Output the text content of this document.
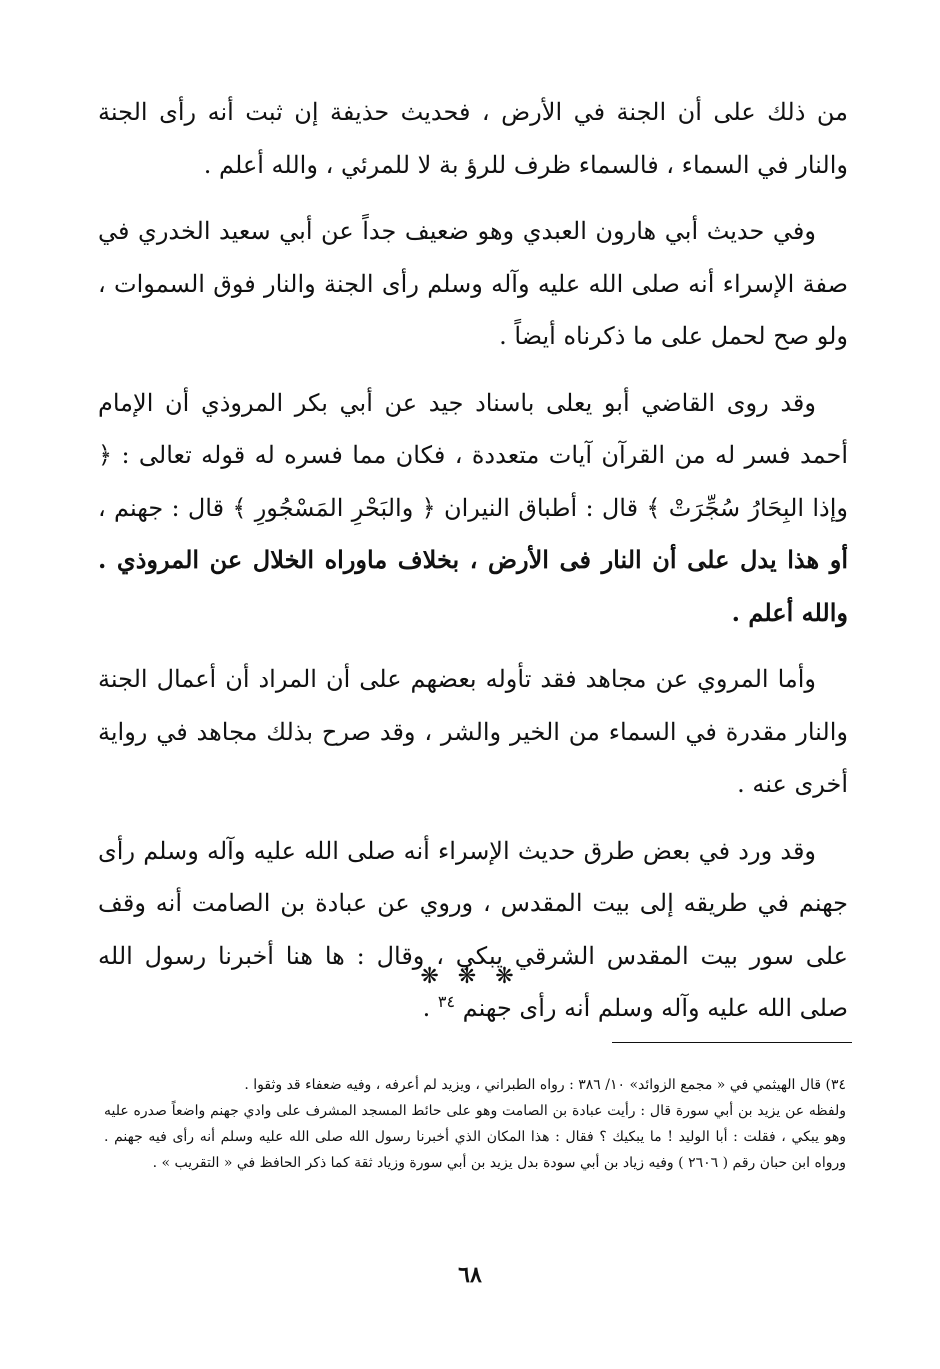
من ذلك على أن الجنة في الأرض ، فحديث حذيفة إن ثبت أنه رأى الجنة والنار في السماء ، فالسماء ظرف للرؤ بة لا للمرئي ، والله أعلم .

وفي حديث أبي هارون العبدي وهو ضعيف جداً عن أبي سعيد الخدري في صفة الإسراء أنه صلى الله عليه وآله وسلم رأى الجنة والنار فوق السموات ، ولو صح لحمل على ما ذكرناه أيضاً .

وقد روى القاضي أبو يعلى باسناد جيد عن أبي بكر المروذي أن الإمام أحمد فسر له من القرآن آيات متعددة ، فكان مما فسره له قوله تعالى : ﴿ وإذا البِحَارُ سُجِّرَتْ ﴾ قال : أطباق النيران ﴿ والبَحْرِ المَسْجُورِ ﴾ قال : جهنم ، أو هذا يدل على أن النار فى الأرض ، بخلاف ماوراه الخلال عن المروذي . والله أعلم .

وأما المروي عن مجاهد فقد تأوله بعضهم على أن المراد أن أعمال الجنة والنار مقدرة في السماء من الخير والشر ، وقد صرح بذلك مجاهد في رواية أخرى عنه .

وقد ورد في بعض طرق حديث الإسراء أنه صلى الله عليه وآله وسلم رأى جهنم في طريقه إلى بيت المقدس ، وروي عن عبادة بن الصامت أنه وقف على سور بيت المقدس الشرقي يبكي ، وقال : ها هنا أخبرنا رسول الله صلى الله عليه وآله وسلم أنه رأى جهنم $^{٣٤}$ .

❋ ❋ ❋

٣٤) قال الهيثمي في « مجمع الزوائد» ١٠/ ٣٨٦ : رواه الطبراني ، ويزيد لم أعرفه ، وفيه ضعفاء قد وثقوا .

ولفظه عن يزيد بن أبي سورة قال : رأيت عبادة بن الصامت وهو على حائط المسجد المشرف على وادي جهنم واضعاً صدره عليه وهو يبكي ، فقلت : أبا الوليد ! ما يبكيك ؟ فقال : هذا المكان الذي أخبرنا رسول الله صلى الله عليه وسلم أنه رأى فيه جهنم . ورواه ابن حبان رقم ( ٢٦٠٦ ) وفيه زياد بن أبي سودة بدل يزيد بن أبي سورة وزياد ثقة كما ذكر الحافظ في « التقريب » .

٦٨
